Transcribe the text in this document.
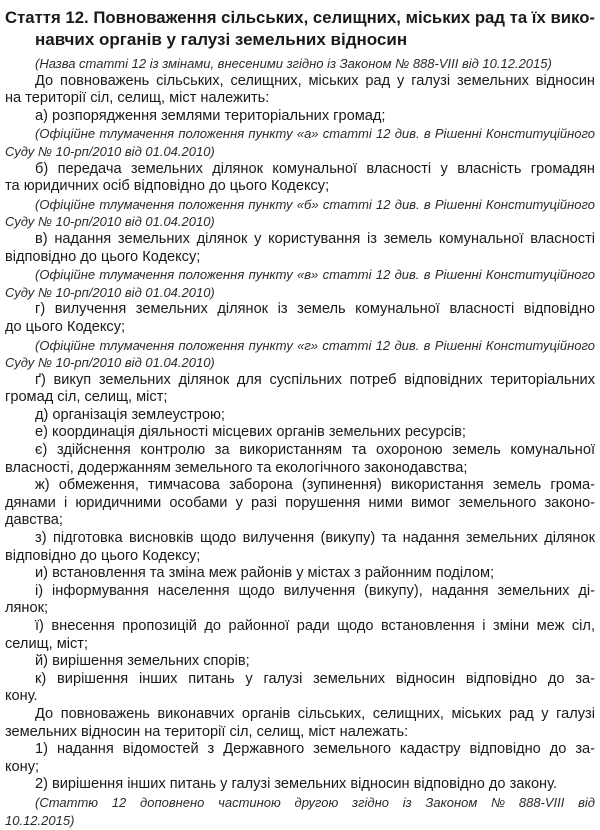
Стаття 12. Повноваження сільських, селищних, міських рад та їх вико-
навчих органів у галузі земельних відносин
(Назва статті 12 із змінами, внесеними згідно із Законом № 888-VIII від 10.12.2015)
До повноважень сільських, селищних, міських рад у галузі земельних відносин
на території сіл, селищ, міст належить:
а) розпорядження землями територіальних громад;
(Офіційне тлумачення положення пункту «а» статті 12 див. в Рішенні Конституційного
Суду № 10-рп/2010 від 01.04.2010)
б) передача земельних ділянок комунальної власності у власність громадян
та юридичних осіб відповідно до цього Кодексу;
(Офіційне тлумачення положення пункту «б» статті 12 див. в Рішенні Конституційного
Суду № 10-рп/2010 від 01.04.2010)
в) надання земельних ділянок у користування із земель комунальної власності
відповідно до цього Кодексу;
(Офіційне тлумачення положення пункту «в» статті 12 див. в Рішенні Конституційного
Суду № 10-рп/2010 від 01.04.2010)
г) вилучення земельних ділянок із земель комунальної власності відповідно
до цього Кодексу;
(Офіційне тлумачення положення пункту «г» статті 12 див. в Рішенні Конституційного
Суду № 10-рп/2010 від 01.04.2010)
ґ) викуп земельних ділянок для суспільних потреб відповідних територіальних
громад сіл, селищ, міст;
д) організація землеустрою;
е) координація діяльності місцевих органів земельних ресурсів;
є) здійснення контролю за використанням та охороною земель комунальної
власності, додержанням земельного та екологічного законодавства;
ж) обмеження, тимчасова заборона (зупинення) використання земель грома-
дянами і юридичними особами у разі порушення ними вимог земельного законо-
давства;
з) підготовка висновків щодо вилучення (викупу) та надання земельних ділянок
відповідно до цього Кодексу;
и) встановлення та зміна меж районів у містах з районним поділом;
і) інформування населення щодо вилучення (викупу), надання земельних ді-
лянок;
ї) внесення пропозицій до районної ради щодо встановлення і зміни меж сіл,
селищ, міст;
й) вирішення земельних спорів;
к) вирішення інших питань у галузі земельних відносин відповідно до за-
кону.
До повноважень виконавчих органів сільських, селищних, міських рад у галузі
земельних відносин на території сіл, селищ, міст належать:
1) надання відомостей з Державного земельного кадастру відповідно до за-
кону;
2) вирішення інших питань у галузі земельних відносин відповідно до закону.
(Статтю 12 доповнено частиною другою згідно із Законом № 888-VIII від
10.12.2015)
